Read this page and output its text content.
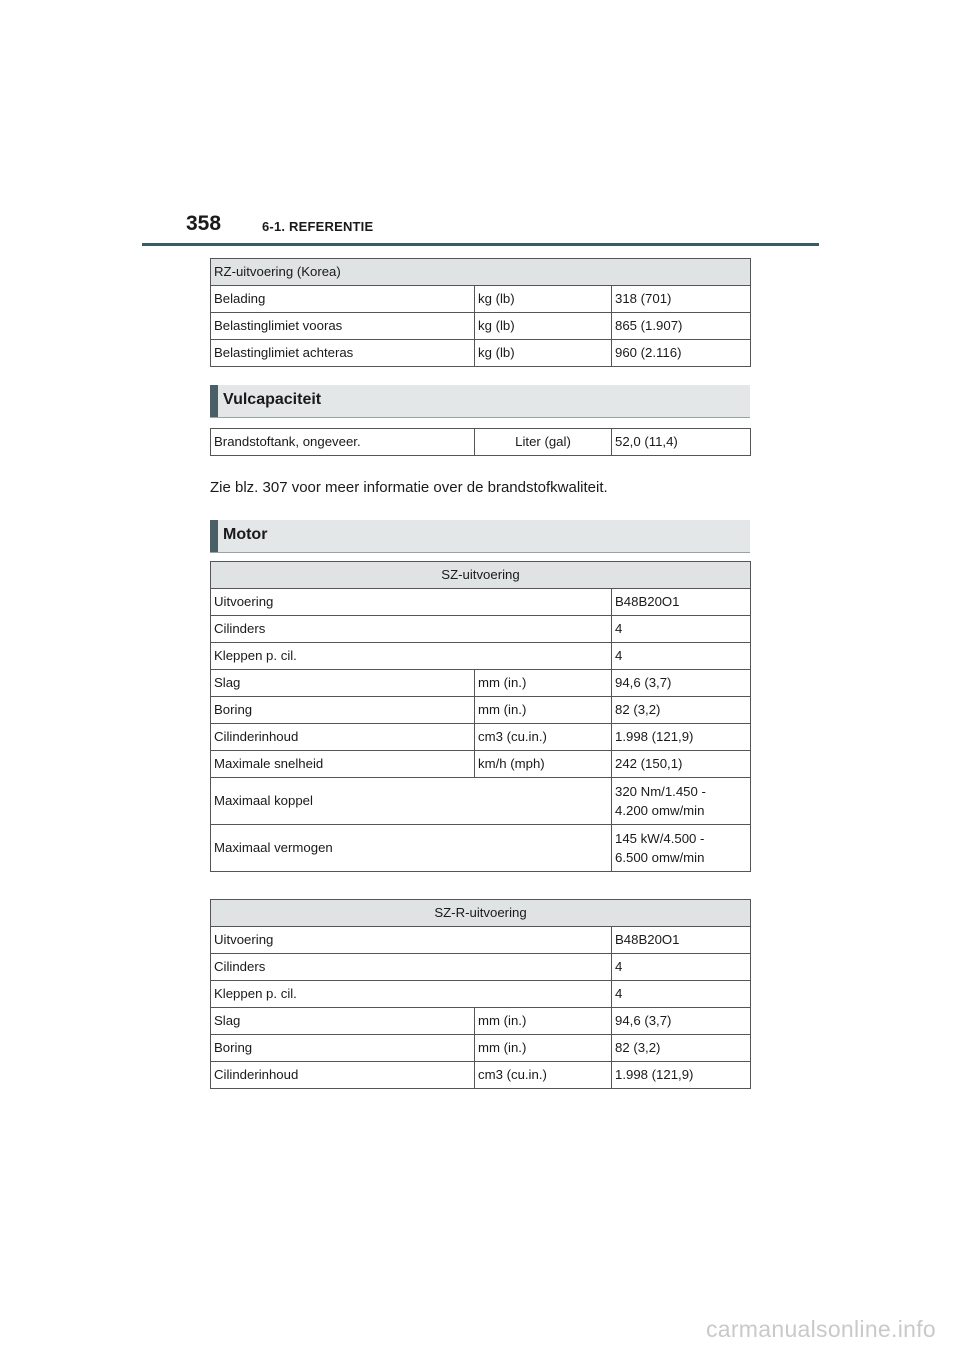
358	6-1. REFERENTIE
RZ-uitvoering (Korea)		
Belading	kg (lb)	318 (701)
Belastinglimiet vooras	kg (lb)	865 (1.907)
Belastinglimiet achteras	kg (lb)	960 (2.116)
Vulcapaciteit
Brandstoftank, ongeveer.	Liter (gal)	52,0 (11,4)
Zie blz. 307 voor meer informatie over de brandstofkwaliteit.
Motor
SZ-uitvoering		
Uitvoering		B48B20O1
Cilinders		4
Kleppen p. cil.		4
Slag	mm (in.)	94,6 (3,7)
Boring	mm (in.)	82 (3,2)
Cilinderinhoud	cm3 (cu.in.)	1.998 (121,9)
Maximale snelheid	km/h (mph)	242 (150,1)
Maximaal koppel		320 Nm/1.450 -
4.200 omw/min
Maximaal vermogen		145 kW/4.500 -
6.500 omw/min
SZ-R-uitvoering		
Uitvoering		B48B20O1
Cilinders		4
Kleppen p. cil.		4
Slag	mm (in.)	94,6 (3,7)
Boring	mm (in.)	82 (3,2)
Cilinderinhoud	cm3 (cu.in.)	1.998 (121,9)
carmanualsonline.info
